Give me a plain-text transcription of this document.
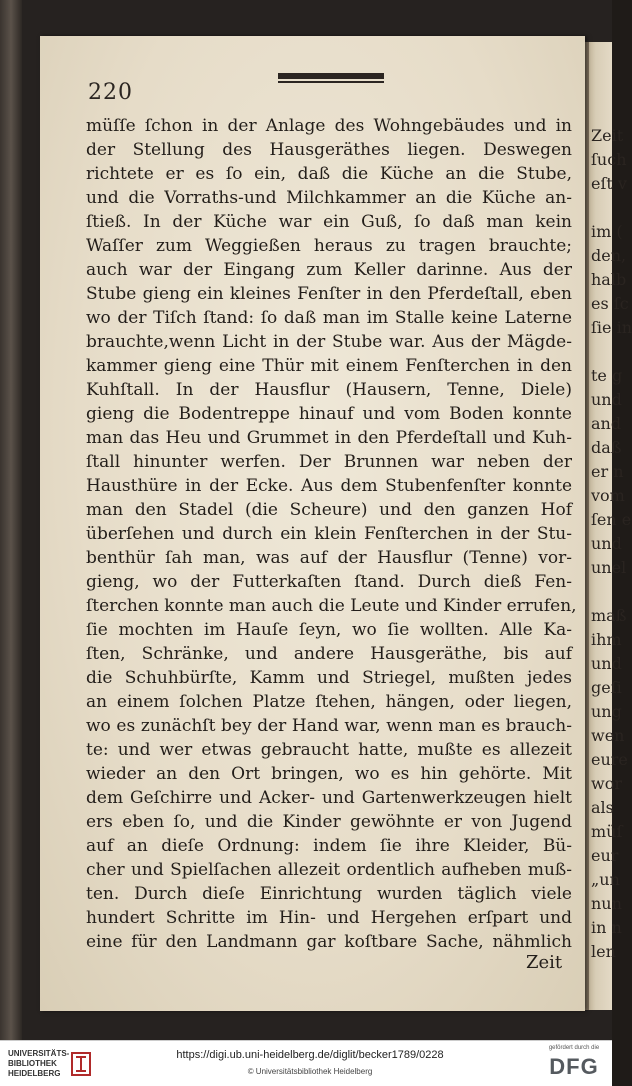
Zeit
ſuch
eſt v
im (
den,
halb
es ſc
ſie in
te g
und
and
daß
er n
vom
ſen e
und
unel
maß
ihm
und
geſi
ung
wen
eure
wor
als
müſ
eur
„un
nun
in n
len
220
müſſe ſchon in der Anlage des Wohngebäudes und in
der Stellung des Hausgeräthes liegen. Deswegen
richtete er es ſo ein, daß die Küche an die Stube,
und die Vorraths-und Milchkammer an die Küche an-
ſtieß. In der Küche war ein Guß, ſo daß man kein
Waſſer zum Weggießen heraus zu tragen brauchte;
auch war der Eingang zum Keller darinne. Aus der
Stube gieng ein kleines Fenſter in den Pferdeſtall, eben
wo der Tiſch ſtand: ſo daß man im Stalle keine Laterne
brauchte,wenn Licht in der Stube war. Aus der Mägde-
kammer gieng eine Thür mit einem Fenſterchen in den
Kuhſtall. In der Hausflur (Hausern, Tenne, Diele)
gieng die Bodentreppe hinauf und vom Boden konnte
man das Heu und Grummet in den Pferdeſtall und Kuh-
ſtall hinunter werfen. Der Brunnen war neben der
Hausthüre in der Ecke. Aus dem Stubenfenſter konnte
man den Stadel (die Scheure) und den ganzen Hof
überſehen und durch ein klein Fenſterchen in der Stu-
benthür ſah man, was auf der Hausflur (Tenne) vor-
gieng, wo der Futterkaſten ſtand. Durch dieß Fen-
ſterchen konnte man auch die Leute und Kinder errufen,
ſie mochten im Hauſe ſeyn, wo ſie wollten. Alle Ka-
ſten, Schränke, und andere Hausgeräthe, bis auf
die Schuhbürſte, Kamm und Striegel, mußten jedes
an einem ſolchen Platze ſtehen, hängen, oder liegen,
wo es zunächſt bey der Hand war, wenn man es brauch-
te: und wer etwas gebraucht hatte, mußte es allezeit
wieder an den Ort bringen, wo es hin gehörte. Mit
dem Geſchirre und Acker- und Gartenwerkzeugen hielt
ers eben ſo, und die Kinder gewöhnte er von Jugend
auf an dieſe Ordnung: indem ſie ihre Kleider, Bü-
cher und Spielſachen allezeit ordentlich aufheben muß-
ten. Durch dieſe Einrichtung wurden täglich viele
hundert Schritte im Hin- und Hergehen erſpart und
eine für den Landmann gar koſtbare Sache, nähmlich
Zeit
UNIVERSITÄTS-
BIBLIOTHEK
HEIDELBERG
https://digi.ub.uni-heidelberg.de/diglit/becker1789/0228
© Universitätsbibliothek Heidelberg
gefördert durch die
DFG
